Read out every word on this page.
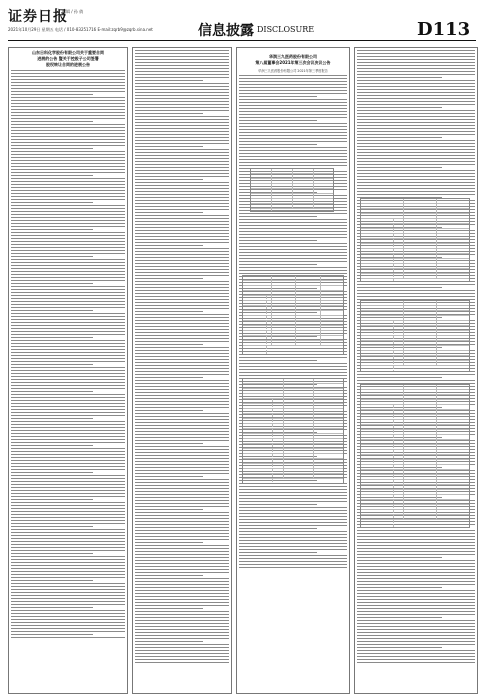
证券日报
编辑 / 孙 倩
2021年10月29日 星期五 电话 / 010-83251716 E-mail:zqrb9@zqrb.sina.net	信息披露 DISCLOSURE	D113
山东日科化学股份有限公司关于重要合同
进展的公告 暨关于控股子公司签署
股权转让合同的进展公告
华润三九医药股份有限公司
第八届董事会2021年第三次会议决议公告
华润三九医药股份有限公司 2021年第三季度报告
